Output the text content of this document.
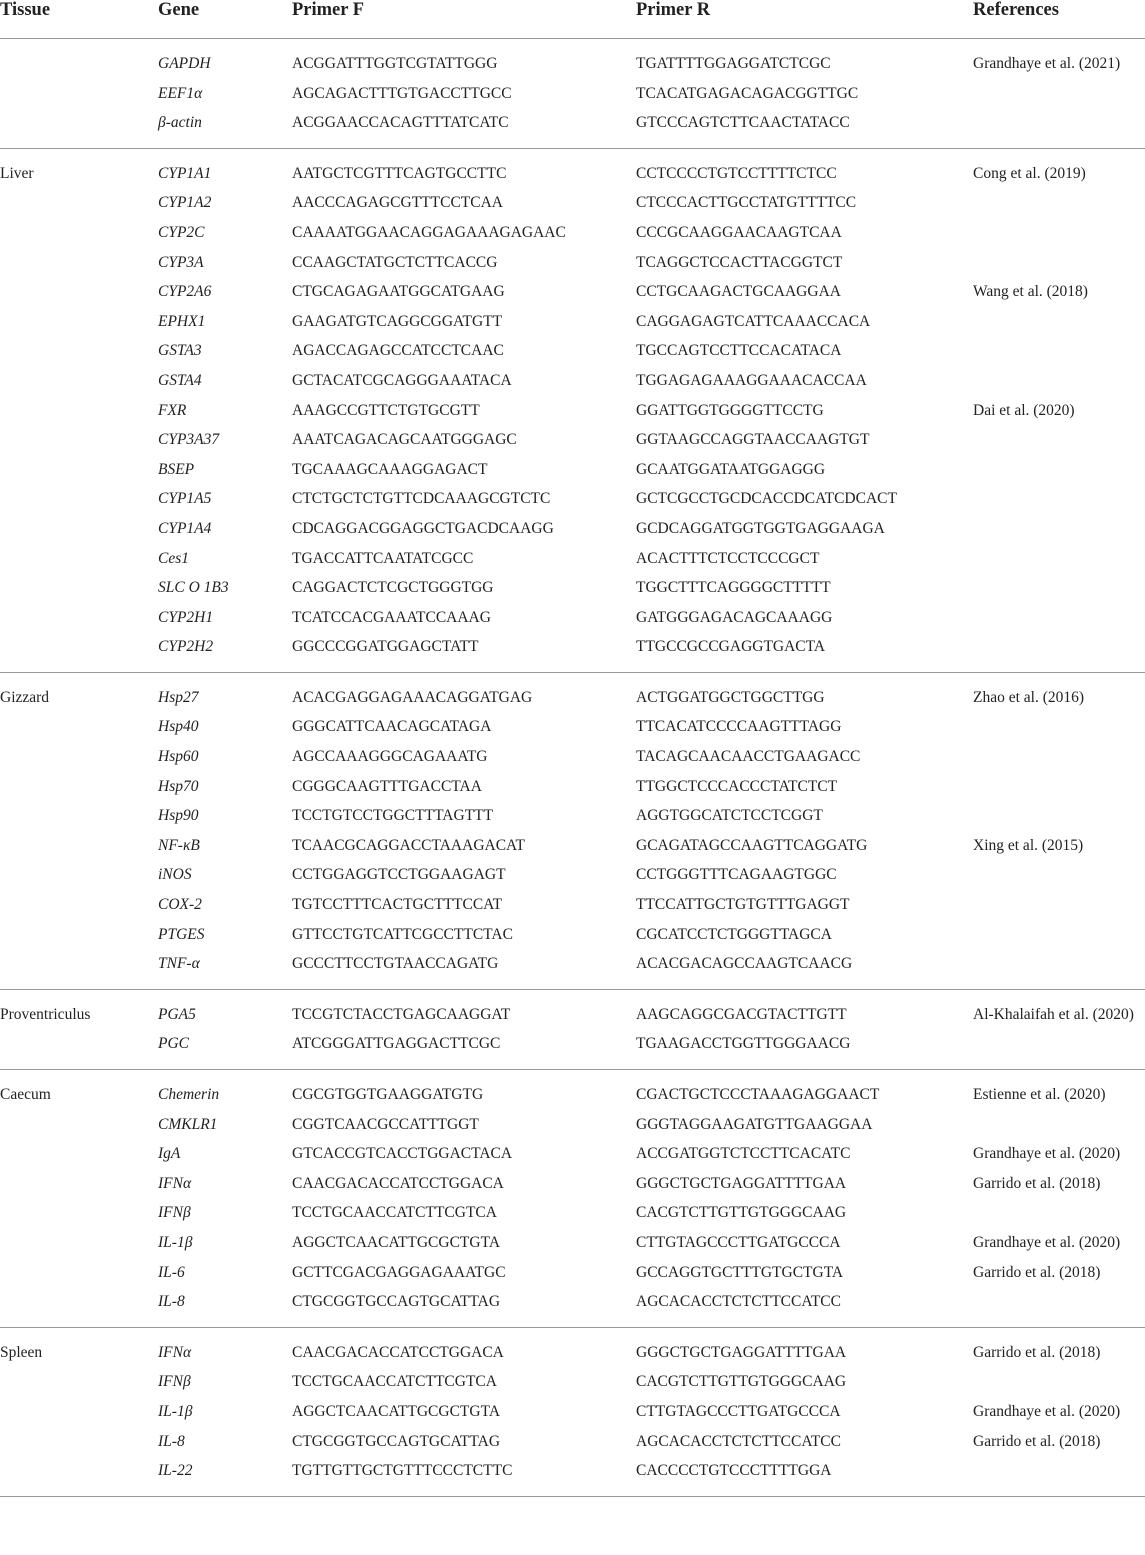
Tissue	Gene	Primer F	Primer R	References

	GAPDH	ACGGATTTGGTCGTATTGGG	TGATTTTGGAGGATCTCGC	Grandhaye et al. (2021)
	EEF1α	AGCAGACTTTGTGACCTTGCC	TCACATGAGACAGACGGTTGC	
	β-actin	ACGGAACCACAGTTTATCATC	GTCCCAGTCTTCAACTATACC	

Liver	CYP1A1	AATGCTCGTTTCAGTGCCTTC	CCTCCCCTGTCCTTTTCTCC	Cong et al. (2019)
	CYP1A2	AACCCAGAGCGTTTCCTCAA	CTCCCACTTGCCTATGTTTTCC	
	CYP2C	CAAAATGGAACAGGAGAAAGAGAAC	CCCGCAAGGAACAAGTCAA	
	CYP3A	CCAAGCTATGCTCTTCACCG	TCAGGCTCCACTTACGGTCT	
	CYP2A6	CTGCAGAGAATGGCATGAAG	CCTGCAAGACTGCAAGGAA	Wang et al. (2018)
	EPHX1	GAAGATGTCAGGCGGATGTT	CAGGAGAGTCATTCAAACCACA	
	GSTA3	AGACCAGAGCCATCCTCAAC	TGCCAGTCCTTCCACATACA	
	GSTA4	GCTACATCGCAGGGAAATACA	TGGAGAGAAAGGAAACACCAA	
	FXR	AAAGCCGTTCTGTGCGTT	GGATTGGTGGGGTTCCTG	Dai et al. (2020)
	CYP3A37	AAATCAGACAGCAATGGGAGC	GGTAAGCCAGGTAACCAAGTGT	
	BSEP	TGCAAAGCAAAGGAGACT	GCAATGGATAATGGAGGG	
	CYP1A5	CTCTGCTCTGTTCDCAAAGCGTCTC	GCTCGCCTGCDCACCDCATCDCACT	
	CYP1A4	CDCAGGACGGAGGCTGACDCAAGG	GCDCAGGATGGTGGTGAGGAAGA	
	Ces1	TGACCATTCAATATCGCC	ACACTTTCTCCTCCCGCT	
	SLC O 1B3	CAGGACTCTCGCTGGGTGG	TGGCTTTCAGGGGCTTTTT	
	CYP2H1	TCATCCACGAAATCCAAAG	GATGGGAGACAGCAAAGG	
	CYP2H2	GGCCCGGATGGAGCTATT	TTGCCGCCGAGGTGACTA	

Gizzard	Hsp27	ACACGAGGAGAAACAGGATGAG	ACTGGATGGCTGGCTTGG	Zhao et al. (2016)
	Hsp40	GGGCATTCAACAGCATAGA	TTCACATCCCCAAGTTTAGG	
	Hsp60	AGCCAAAGGGCAGAAATG	TACAGCAACAACCTGAAGACC	
	Hsp70	CGGGCAAGTTTGACCTAA	TTGGCTCCCACCCTATCTCT	
	Hsp90	TCCTGTCCTGGCTTTAGTTT	AGGTGGCATCTCCTCGGT	
	NF-κB	TCAACGCAGGACCTAAAGACAT	GCAGATAGCCAAGTTCAGGATG	Xing et al. (2015)
	iNOS	CCTGGAGGTCCTGGAAGAGT	CCTGGGTTTCAGAAGTGGC	
	COX-2	TGTCCTTTCACTGCTTTCCAT	TTCCATTGCTGTGTTTGAGGT	
	PTGES	GTTCCTGTCATTCGCCTTCTAC	CGCATCCTCTGGGTTAGCA	
	TNF-α	GCCCTTCCTGTAACCAGATG	ACACGACAGCCAAGTCAACG	

Proventriculus	PGA5	TCCGTCTACCTGAGCAAGGAT	AAGCAGGCGACGTACTTGTT	Al-Khalaifah et al. (2020)
	PGC	ATCGGGATTGAGGACTTCGC	TGAAGACCTGGTTGGGAACG	

Caecum	Chemerin	CGCGTGGTGAAGGATGTG	CGACTGCTCCCTAAAGAGGAACT	Estienne et al. (2020)
	CMKLR1	CGGTCAACGCCATTTGGT	GGGTAGGAAGATGTTGAAGGAA	
	IgA	GTCACCGTCACCTGGACTACA	ACCGATGGTCTCCTTCACATC	Grandhaye et al. (2020)
	IFNα	CAACGACACCATCCTGGACA	GGGCTGCTGAGGATTTTGAA	Garrido et al. (2018)
	IFNβ	TCCTGCAACCATCTTCGTCA	CACGTCTTGTTGTGGGCAAG	
	IL-1β	AGGCTCAACATTGCGCTGTA	CTTGTAGCCCTTGATGCCCA	Grandhaye et al. (2020)
	IL-6	GCTTCGACGAGGAGAAATGC	GCCAGGTGCTTTGTGCTGTA	Garrido et al. (2018)
	IL-8	CTGCGGTGCCAGTGCATTAG	AGCACACCTCTCTTCCATCC	

Spleen	IFNα	CAACGACACCATCCTGGACA	GGGCTGCTGAGGATTTTGAA	Garrido et al. (2018)
	IFNβ	TCCTGCAACCATCTTCGTCA	CACGTCTTGTTGTGGGCAAG	
	IL-1β	AGGCTCAACATTGCGCTGTA	CTTGTAGCCCTTGATGCCCA	Grandhaye et al. (2020)
	IL-8	CTGCGGTGCCAGTGCATTAG	AGCACACCTCTCTTCCATCC	Garrido et al. (2018)
	IL-22	TGTTGTTGCTGTTTCCCTCTTC	CACCCCTGTCCCTTTTGGA	
